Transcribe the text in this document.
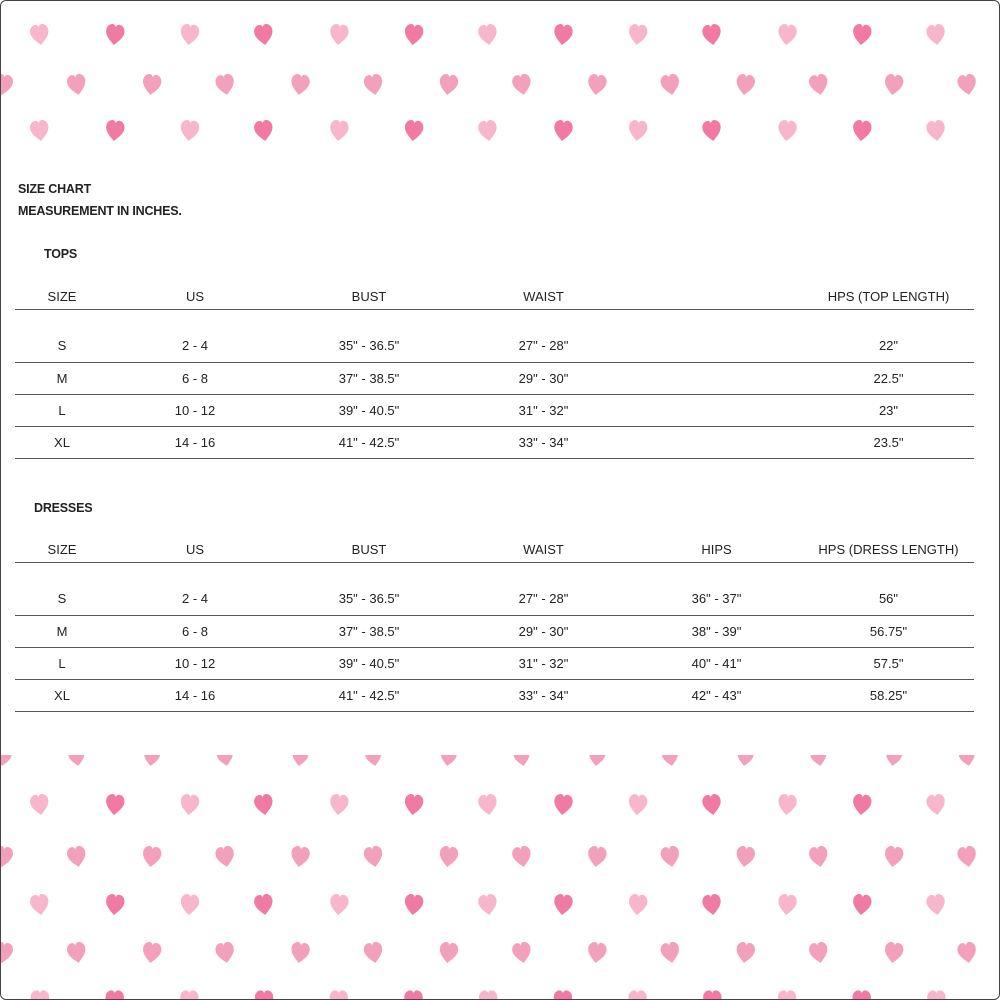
SIZE CHART
MEASUREMENT IN INCHES.
TOPS
SIZE	US	BUST	WAIST		HPS (TOP LENGTH)
S	2 - 4	35" - 36.5"	27" - 28"		22"
M	6 - 8	37" - 38.5"	29" - 30"		22.5"
L	10 - 12	39" - 40.5"	31" - 32"		23"
XL	14 - 16	41" - 42.5"	33" - 34"		23.5"
DRESSES
SIZE	US	BUST	WAIST	HIPS	HPS (DRESS LENGTH)
S	2 - 4	35" - 36.5"	27" - 28"	36" - 37"	56"
M	6 - 8	37" - 38.5"	29" - 30"	38" - 39"	56.75"
L	10 - 12	39" - 40.5"	31" - 32"	40" - 41"	57.5"
XL	14 - 16	41" - 42.5"	33" - 34"	42" - 43"	58.25"
